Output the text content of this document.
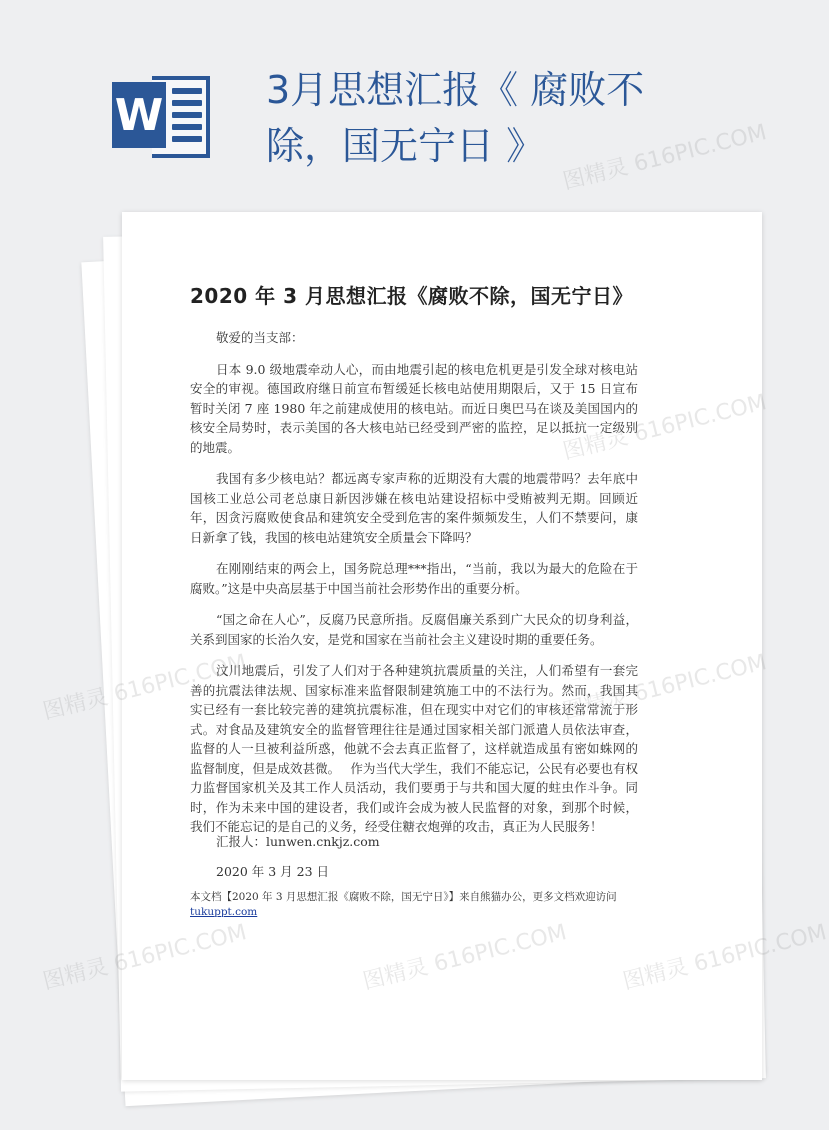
W	3月思想汇报《 腐败不除，国无宁日 》
2020 年 3 月思想汇报《腐败不除，国无宁日》

敬爱的当支部：

日本 9.0 级地震牵动人心，而由地震引起的核电危机更是引发全球对核电站安全的审视。德国政府继日前宣布暂缓延长核电站使用期限后，又于 15 日宣布暂时关闭 7 座 1980 年之前建成使用的核电站。而近日奥巴马在谈及美国国内的核安全局势时，表示美国的各大核电站已经受到严密的监控，足以抵抗一定级别的地震。

我国有多少核电站？都远离专家声称的近期没有大震的地震带吗？去年底中国核工业总公司老总康日新因涉嫌在核电站建设招标中受贿被判无期。回顾近年，因贪污腐败使食品和建筑安全受到危害的案件频频发生，人们不禁要问，康日新拿了钱，我国的核电站建筑安全质量会下降吗？

在刚刚结束的两会上，国务院总理***指出，“当前，我以为最大的危险在于腐败。”这是中央高层基于中国当前社会形势作出的重要分析。

“国之命在人心”，反腐乃民意所指。反腐倡廉关系到广大民众的切身利益，关系到国家的长治久安，是党和国家在当前社会主义建设时期的重要任务。

汶川地震后，引发了人们对于各种建筑抗震质量的关注，人们希望有一套完善的抗震法律法规、国家标准来监督限制建筑施工中的不法行为。然而，我国其实已经有一套比较完善的建筑抗震标准，但在现实中对它们的审核还常常流于形式。对食品及建筑安全的监督管理往往是通过国家相关部门派遣人员依法审查，监督的人一旦被利益所惑，他就不会去真正监督了，这样就造成虽有密如蛛网的监督制度，但是成效甚微。　 作为当代大学生，我们不能忘记，公民有必要也有权力监督国家机关及其工作人员活动，我们要勇于与共和国大厦的蛀虫作斗争。同时，作为未来中国的建设者，我们或许会成为被人民监督的对象，到那个时候，我们不能忘记的是自己的义务，经受住糖衣炮弹的攻击，真正为人民服务！

汇报人：lunwen.cnkjz.com
2020 年 3 月 23 日
本文档【2020 年 3 月思想汇报《腐败不除，国无宁日》】来自熊猫办公，更多文档欢迎访问
tukuppt.com
图精灵 616PIC.COM
图精灵 616PIC.COM
图精灵 616PIC.COM	图精灵 616PIC.COM
图精灵 616PIC.COM	图精灵 616PIC.COM 图精灵 616PIC.COM
